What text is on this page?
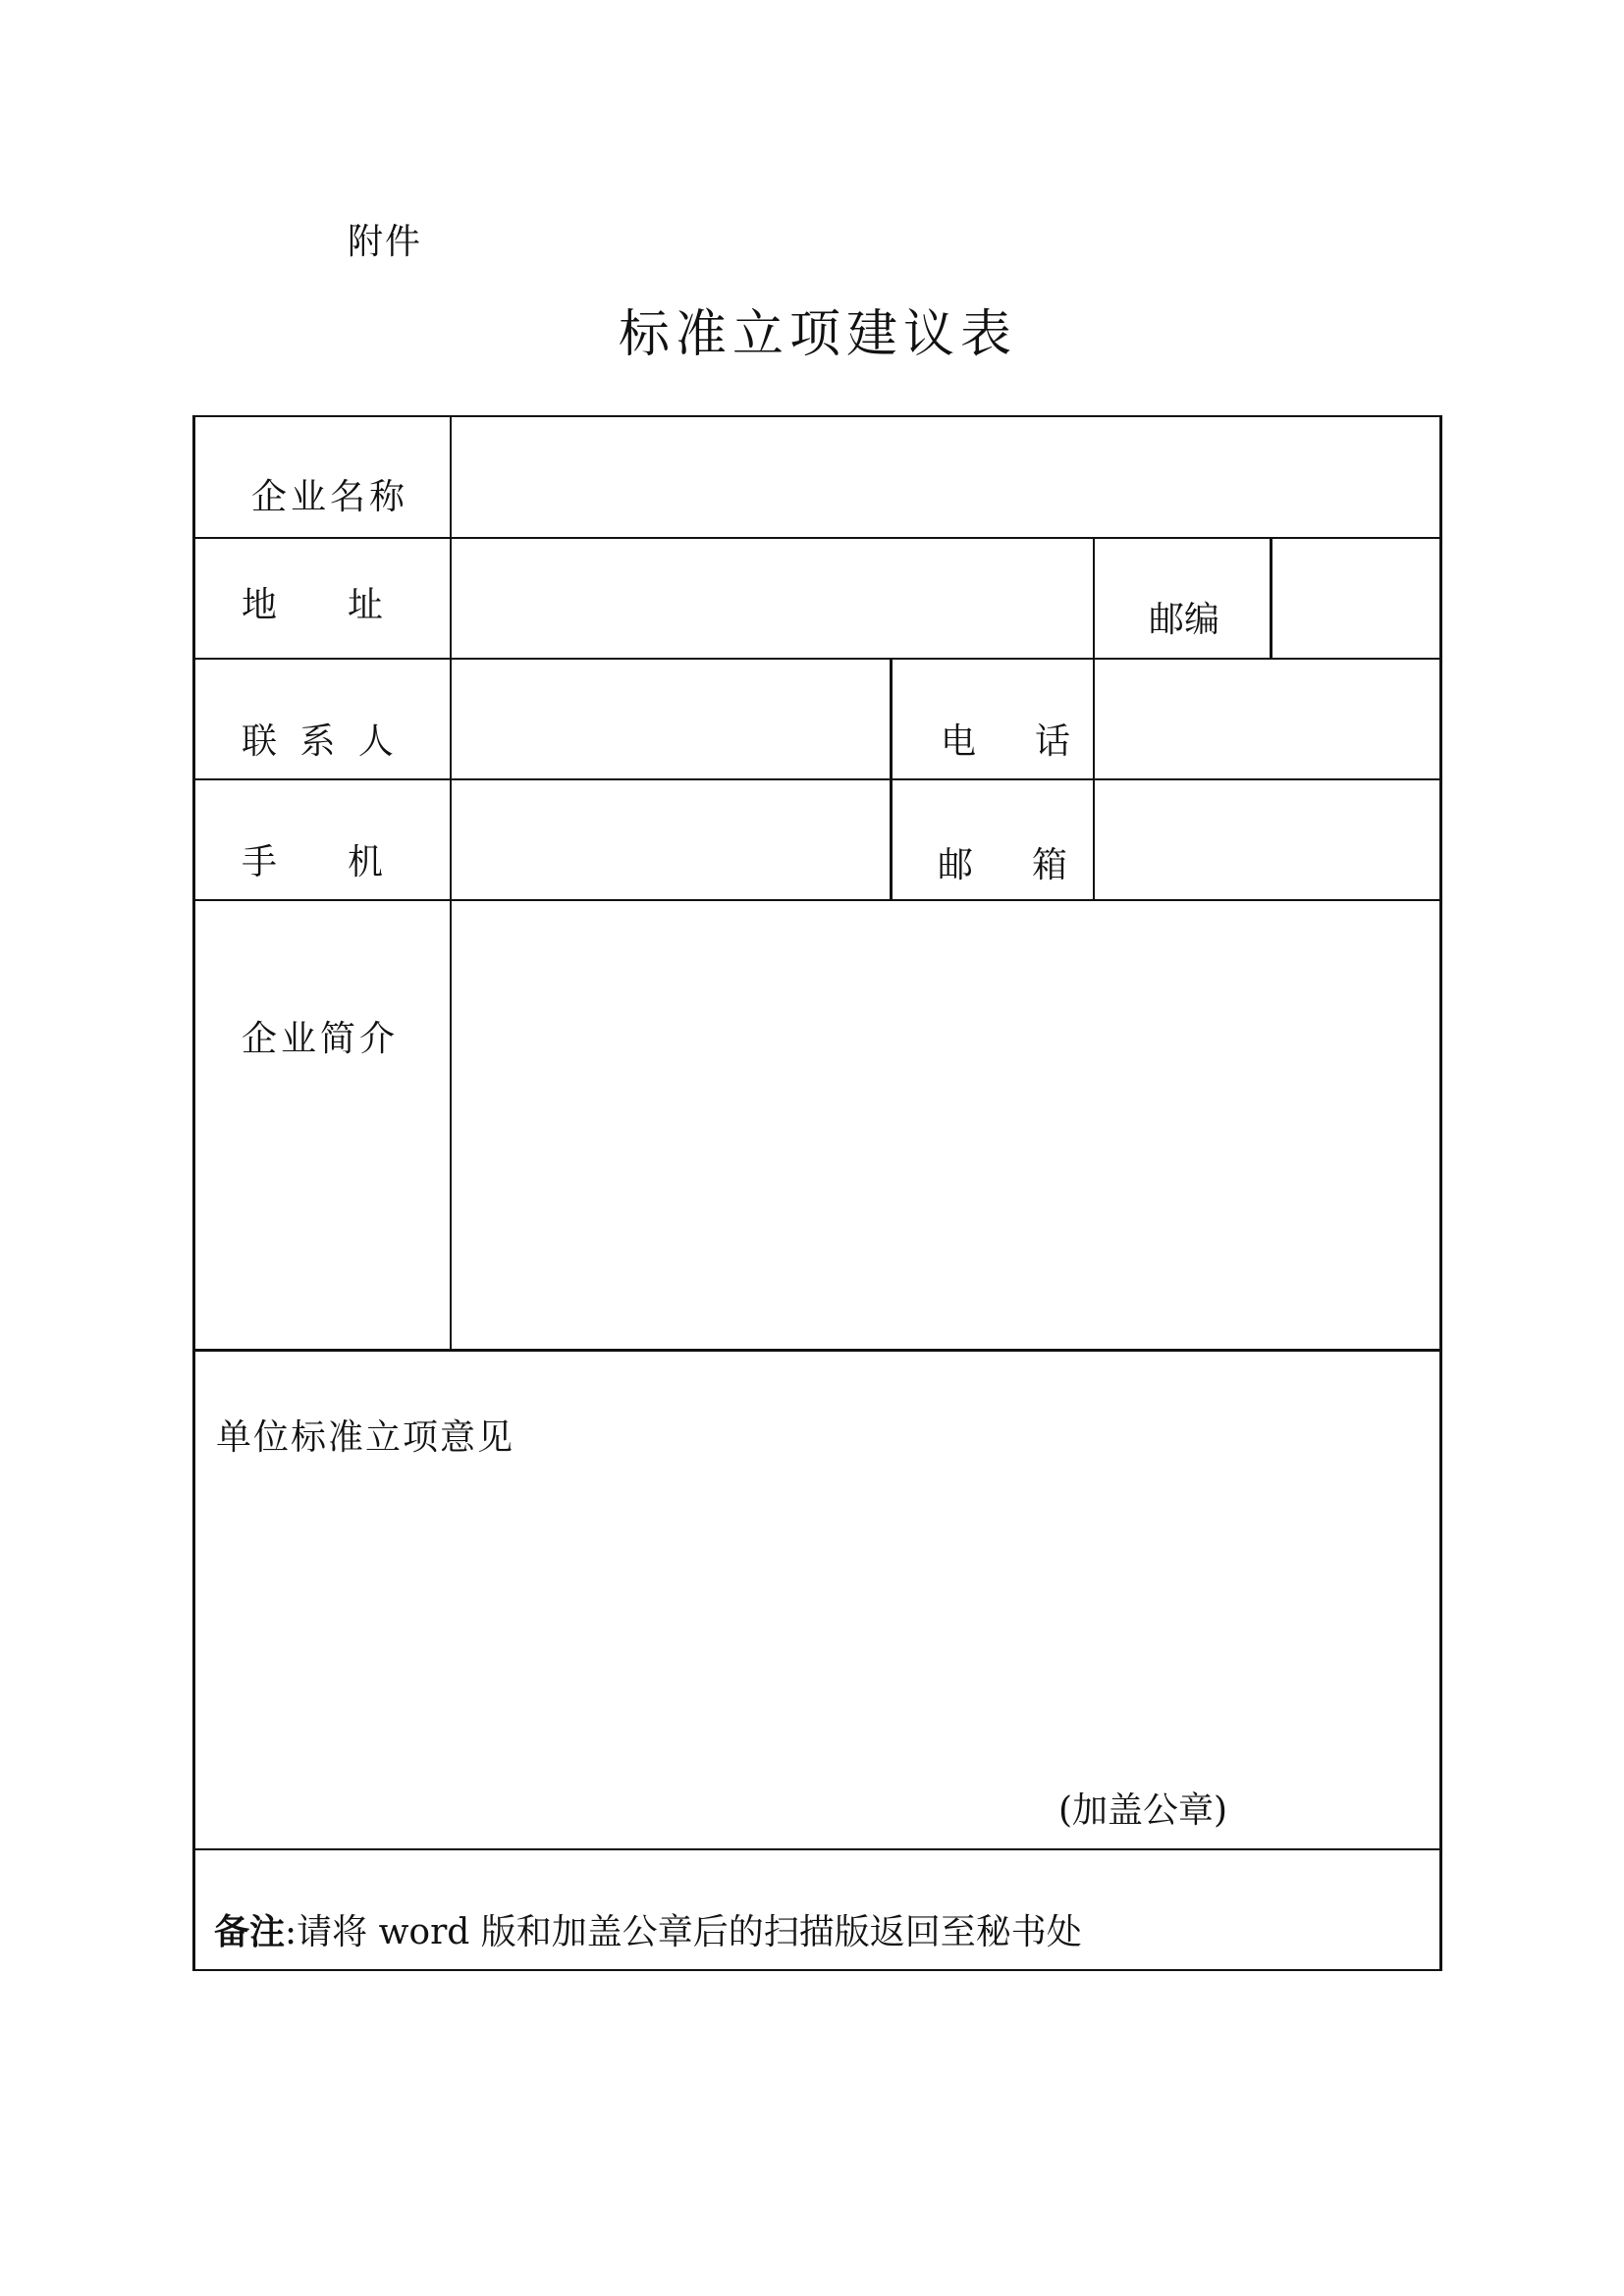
附件
标准立项建议表
企业名称
地　　址	邮编
联 系 人	电　话
手　　机	邮　箱
企业简介
单位标准立项意见
(加盖公章)
备注:请将 word 版和加盖公章后的扫描版返回至秘书处
